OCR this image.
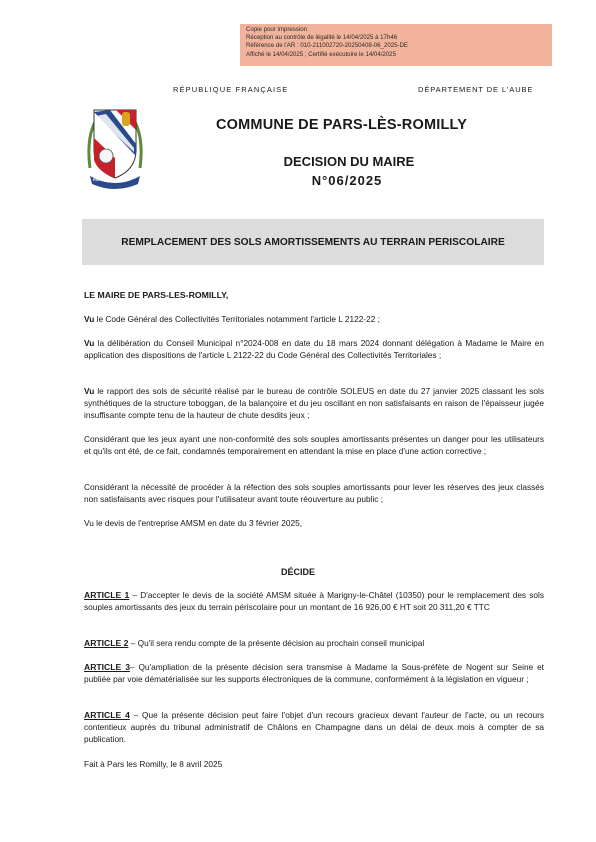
Copie pour impression
Réception au contrôle de légalité le 14/04/2025 à 17h46
Référence de l'AR : 010-211002720-20250408-06_2025-DE
Affiché le 14/04/2025 ; Certifié exécutoire le 14/04/2025
RÉPUBLIQUE FRANÇAISE	DÉPARTEMENT DE L'AUBE
PARS-LES-ROMILLY
COMMUNE DE PARS-LÈS-ROMILLY
DECISION DU MAIRE
N°06/2025
REMPLACEMENT DES SOLS AMORTISSEMENTS AU TERRAIN PERISCOLAIRE
LE MAIRE DE PARS-LES-ROMILLY,
Vu le Code Général des Collectivités Territoriales notamment l'article L 2122-22 ;
Vu la délibération du Conseil Municipal n°2024-008 en date du 18 mars 2024 donnant délégation à Madame le Maire en application des dispositions de l'article L 2122-22 du Code Général des Collectivités Territoriales ;
Vu le rapport des sols de sécurité réalisé par le bureau de contrôle SOLEUS en date du 27 janvier 2025 classant les sols synthétiques de la structure toboggan, de la balançoire et du jeu oscillant en non satisfaisants en raison de l'épaisseur jugée insuffisante compte tenu de la hauteur de chute desdits jeux ;
Considérant que les jeux ayant une non-conformité des sols souples amortissants présentes un danger pour les utilisateurs et qu'ils ont été, de ce fait, condamnés temporairement en attendant la mise en place d'une action corrective ;
Considérant la nécessité de procéder à la réfection des sols souples amortissants pour lever les réserves des jeux classés non satisfaisants avec risques pour l'utilisateur avant toute réouverture au public ;
Vu le devis de l'entreprise AMSM en date du 3 février 2025,
DÉCIDE
ARTICLE 1 – D'accepter le devis de la société AMSM située à Marigny-le-Châtel (10350) pour le remplacement des sols souples amortissants des jeux du terrain périscolaire pour un montant de 16 926,00 € HT soit 20 311,20 € TTC
ARTICLE 2 – Qu'il sera rendu compte de la présente décision au prochain conseil municipal
ARTICLE 3– Qu'ampliation de la présente décision sera transmise à Madame la Sous-préfète de Nogent sur Seine et publiée par voie dématérialisée sur les supports électroniques de la commune, conformément à la législation en vigueur ;
ARTICLE 4 – Que la présente décision peut faire l'objet d'un recours gracieux devant l'auteur de l'acte, ou un recours contentieux auprès du tribunal administratif de Châlons en Champagne dans un délai de deux mois à compter de sa publication.
Fait à Pars les Romilly, le 8 avril 2025
